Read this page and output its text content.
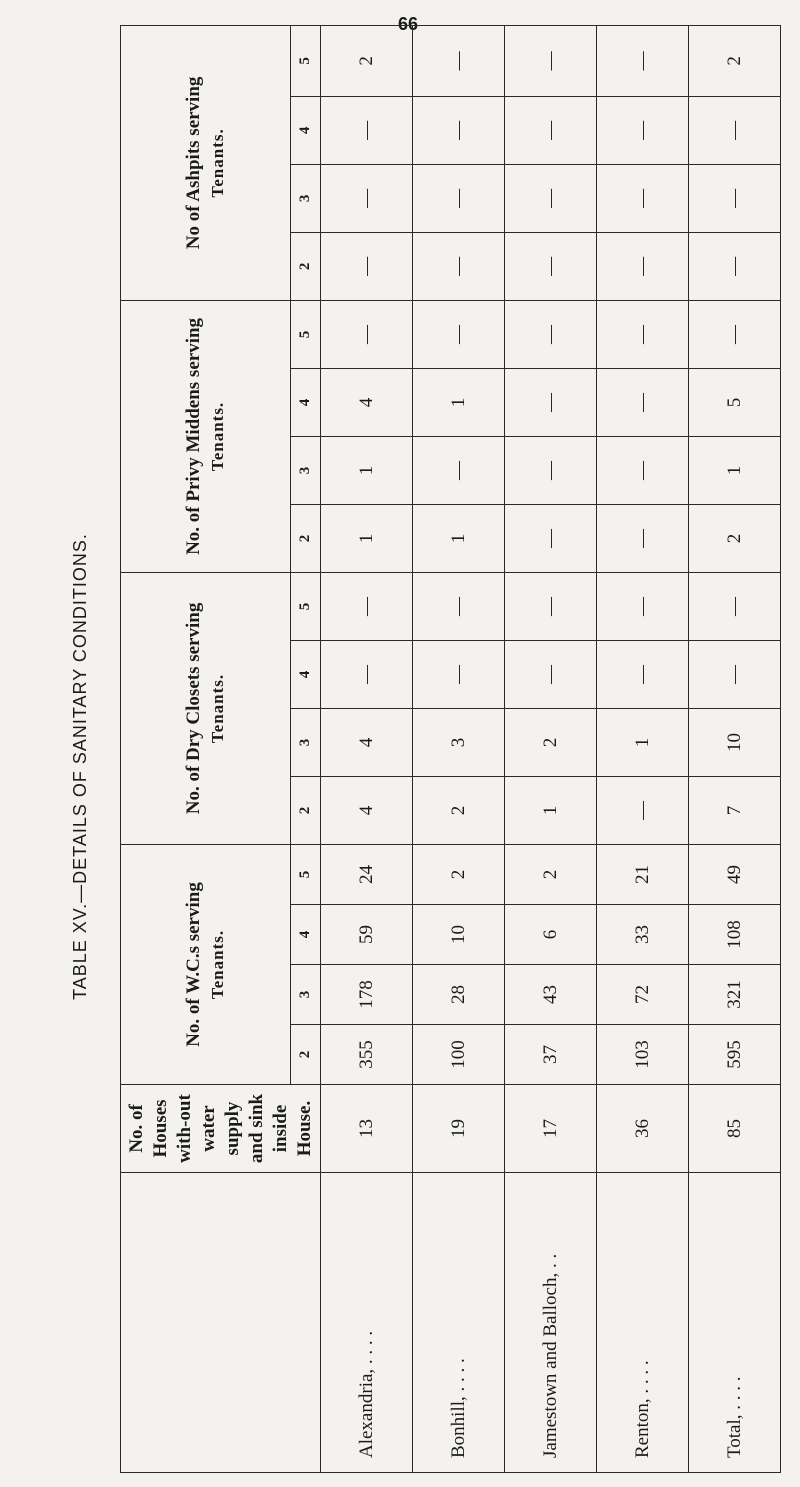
66
TABLE XV.—DETAILS OF SANITARY CONDITIONS.
	No. of Houses with-out water supply and sink inside House.	No. of W.C.s serving Tenants.				No. of Dry Closets serving Tenants.				No. of Privy Middens serving Tenants.				No of Ashpits serving Tenants.			
		2	3	4	5	2	3	4	5	2	3	4	5	2	3	4	5
Alexandria, . . . .	13	355	178	59	24	4	4	—	—	1	1	4	—	—	—	—	2
Bonhill, . . . .	19	100	28	10	2	2	3	—	—	1	—	1	—	—	—	—	—
Jamestown and Balloch, . .	17	37	43	6	2	1	2	—	—	—	—	—	—	—	—	—	—
Renton, . . . .	36	103	72	33	21	—	1	—	—	—	—	—	—	—	—	—	—
Total, . . . .	85	595	321	108	49	7	10	—	—	2	1	5	—	—	—	—	2
